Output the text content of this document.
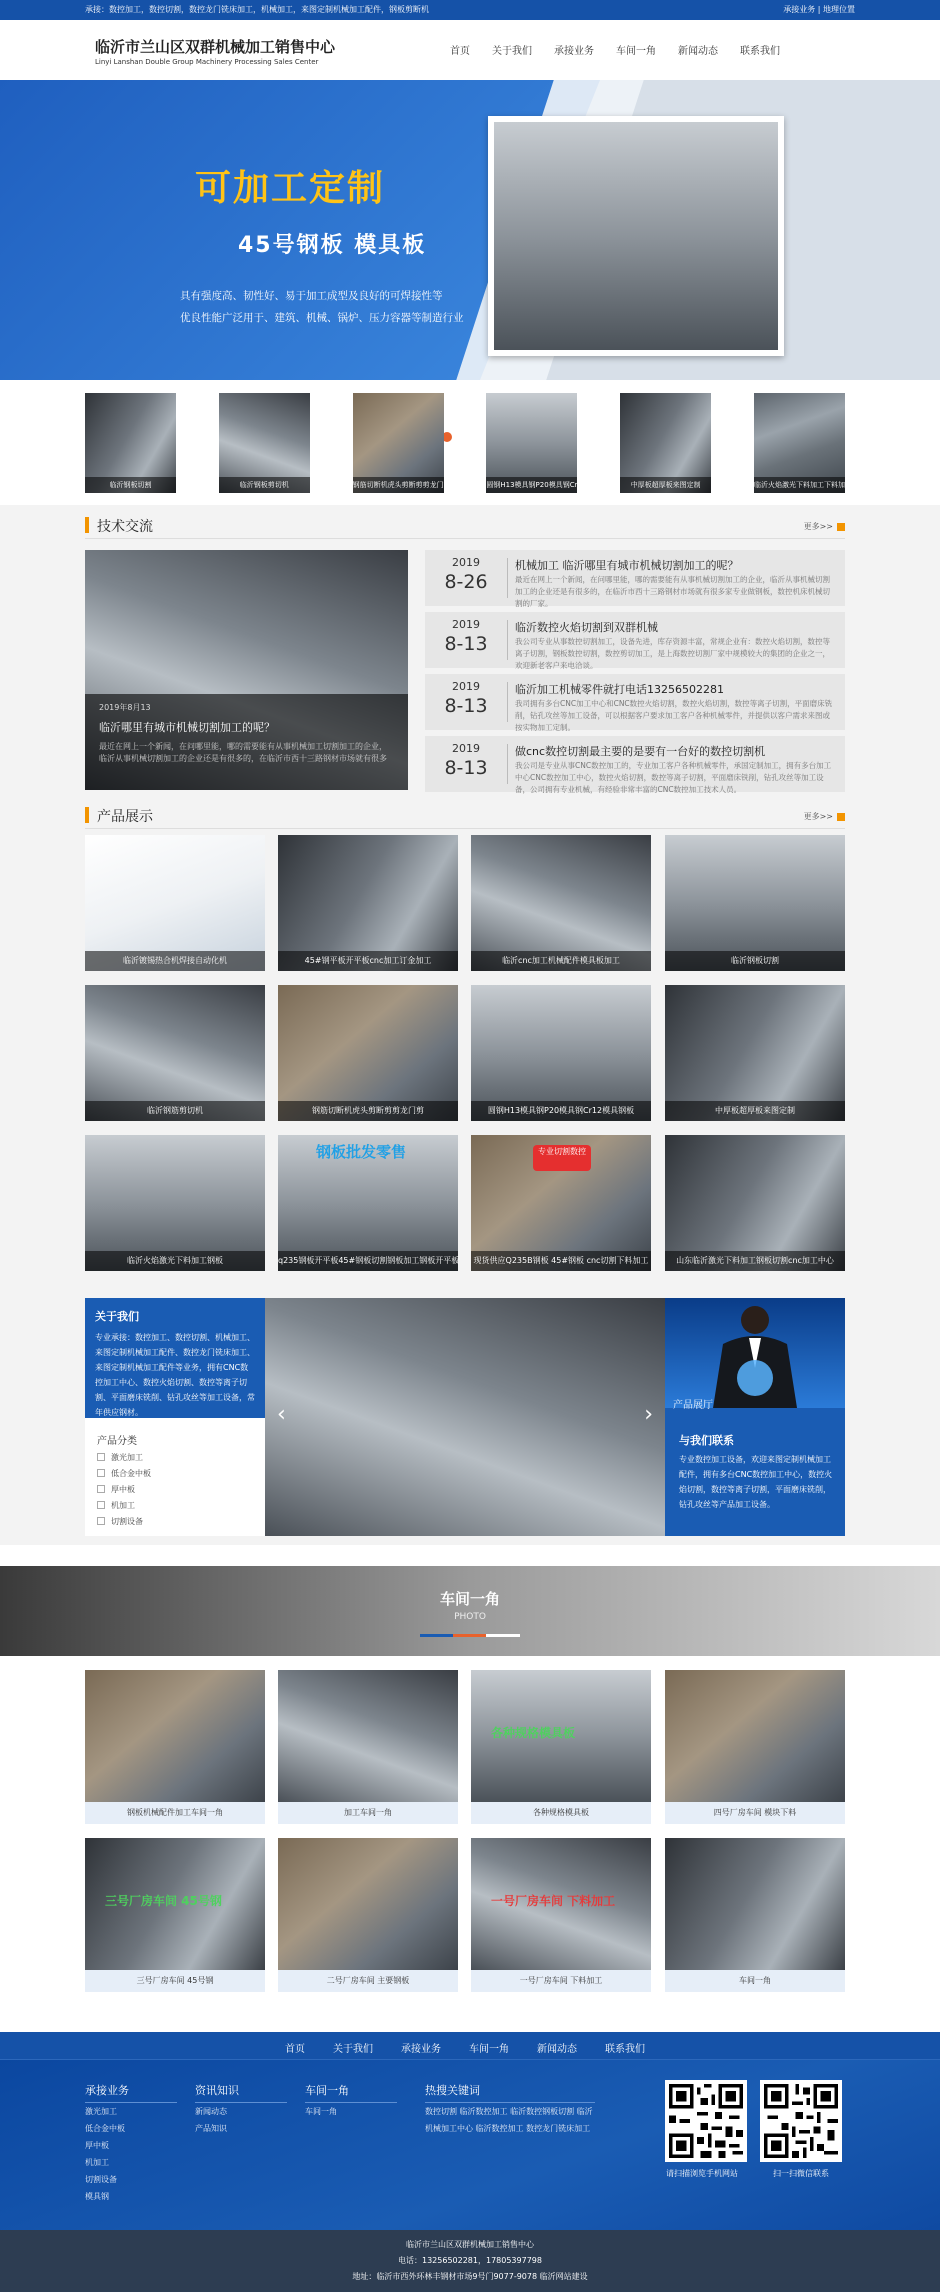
承接：数控加工，数控切割，数控龙门铣床加工，机械加工，来图定制机械加工配件，钢板剪断机	承接业务 | 地理位置
临沂市兰山区双群机械加工销售中心
Linyi Lanshan Double Group Machinery Processing Sales Center
首页 关于我们 承接业务 车间一角 新闻动态 联系我们
可加工定制
45号钢板 模具板
具有强度高、韧性好、易于加工成型及良好的可焊接性等
优良性能广泛用于、建筑、机械、锅炉、压力容器等制造行业
临沂钢板切割	临沂钢板剪切机	钢筋切断机虎头剪断剪剪龙门剪	圆钢H13模具钢P20模具钢Cr12钢板	中厚板超厚板来图定制	临沂火焰激光下料加工下料加工
技术交流	更多>>
2019年8月13
临沂哪里有城市机械切割加工的呢？
最近在网上一个新闻，在问哪里能，哪的需要能有从事机械加工切割加工的企业，临沂从事机械切割加工的企业还是有很多的，在临沂市西十三路钢材市场就有很多
2019
8-26
机械加工 临沂哪里有城市机械切割加工的呢？
最近在网上一个新闻，在问哪里能，哪的需要能有从事机械切割加工的企业，临沂从事机械切割加工的企业还是有很多的，在临沂市西十三路钢材市场就有很多家专业做钢板，数控机床机械切割的厂家。
2019
8-13
临沂数控火焰切割到双群机械
我公司专业从事数控切割加工，设备先进，库存资源丰富，常规企业有：数控火焰切割，数控等离子切割，钢板数控切割，数控剪切加工，是上海数控切割厂家中规模较大的集团的企业之一，欢迎新老客户来电洽谈。
2019
8-13
临沂加工机械零件就打电话13256502281
我司拥有多台CNC加工中心和CNC数控火焰切割，数控火焰切割，数控等离子切割，平面磨床铣削，钻孔攻丝等加工设备，可以根据客户要求加工客户各种机械零件，并提供以客户需求来图或按实物加工定制。
2019
8-13
做cnc数控切割最主要的是要有一台好的数控切割机
我公司是专业从事CNC数控加工的，专业加工客户各种机械零件，承国定制加工，拥有多台加工中心CNC数控加工中心，数控火焰切割，数控等离子切割，平面磨床铣削，钻孔攻丝等加工设备，公司拥有专业机械，有经验非常丰富的CNC数控加工技术人员。
产品展示	更多>>
临沂镀锡热合机焊接自动化机	45#钢平板开平板cnc加工订金加工	临沂cnc加工机械配件模具板加工	临沂钢板切割
临沂钢筋剪切机	钢筋切断机虎头剪断剪剪龙门剪	圆钢H13模具钢P20模具钢Cr12模具钢板	中厚板超厚板来图定制
临沂火焰激光下料加工钢板
钢板批发零售
q235钢板开平板45#钢板切割钢板加工钢板开平板
专业切割数控
现货供应Q235B钢板 45#钢板 cnc切割下料加工	山东临沂激光下料加工钢板切割cnc加工中心
关于我们
专业承接：数控加工、数控切割、机械加工、来图定制机械加工配件、数控龙门铣床加工、来图定制机械加工配件等业务，拥有CNC数控加工中心、数控火焰切割、数控等离子切割、平面磨床铣削、钻孔攻丝等加工设备，常年供应钢材。
产品分类
激光加工
低合金中板
厚中板
机加工
切割设备
‹	› 产品展厅
与我们联系
专业数控加工设备，欢迎来图定制机械加工配件，拥有多台CNC数控加工中心，数控火焰切割，数控等离子切割，平面磨床铣削，钻孔攻丝等产品加工设备。
车间一角
PHOTO
钢板机械配件加工车间一角	加工车间一角
各种规格模具板
各种规格模具板	四号厂房车间 模块下料
三号厂房车间 45号钢
三号厂房车间 45号钢	二号厂房车间 主要钢板
一号厂房车间 下料加工
一号厂房车间 下料加工	车间一角
首页	关于我们	承接业务	车间一角	新闻动态	联系我们
承接业务
激光加工
低合金中板
厚中板
机加工
切割设备
模具钢
资讯知识
新闻动态
产品知识
车间一角
车间一角
热搜关键词
数控切割 临沂数控加工 临沂数控钢板切割 临沂机械加工中心 临沂数控加工 数控龙门铣床加工
请扫描浏览手机网站	扫一扫微信联系
临沂市兰山区双群机械加工销售中心
电话：13256502281，17805397798
地址：临沂市西外环林丰钢材市场9号门9077-9078 临沂网站建设
